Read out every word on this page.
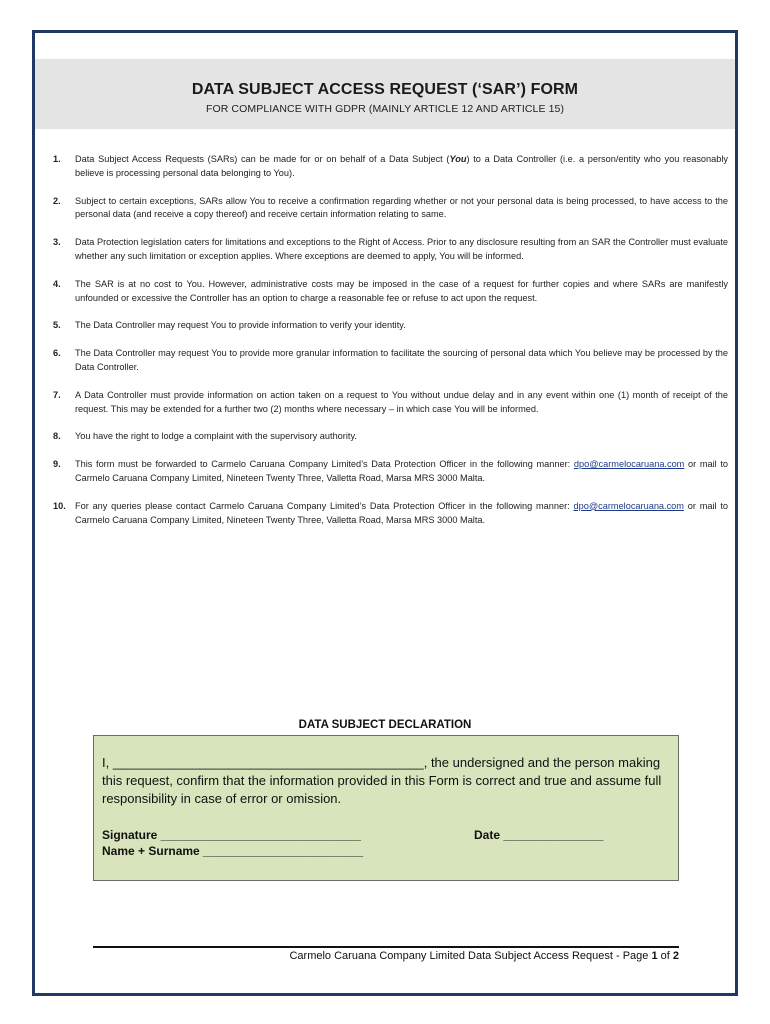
DATA SUBJECT ACCESS REQUEST (‘SAR’) FORM
FOR COMPLIANCE WITH GDPR (MAINLY ARTICLE 12 AND ARTICLE 15)
1.	Data Subject Access Requests (SARs) can be made for or on behalf of a Data Subject (You) to a Data Controller (i.e. a person/entity who you reasonably believe is processing personal data belonging to You).
2.	Subject to certain exceptions, SARs allow You to receive a confirmation regarding whether or not your personal data is being processed, to have access to the personal data (and receive a copy thereof) and receive certain information relating to same.
3.	Data Protection legislation caters for limitations and exceptions to the Right of Access. Prior to any disclosure resulting from an SAR the Controller must evaluate whether any such limitation or exception applies. Where exceptions are deemed to apply, You will be informed.
4.	The SAR is at no cost to You. However, administrative costs may be imposed in the case of a request for further copies and where SARs are manifestly unfounded or excessive the Controller has an option to charge a reasonable fee or refuse to act upon the request.
5.	The Data Controller may request You to provide information to verify your identity.
6.	The Data Controller may request You to provide more granular information to facilitate the sourcing of personal data which You believe may be processed by the Data Controller.
7.	A Data Controller must provide information on action taken on a request to You without undue delay and in any event within one (1) month of receipt of the request. This may be extended for a further two (2) months where necessary – in which case You will be informed.
8.	You have the right to lodge a complaint with the supervisory authority.
9.	This form must be forwarded to Carmelo Caruana Company Limited’s Data Protection Officer in the following manner: dpo@carmelocaruana.com or mail to Carmelo Caruana Company Limited, Nineteen Twenty Three, Valletta Road, Marsa MRS 3000 Malta.
10.	For any queries please contact Carmelo Caruana Company Limited’s Data Protection Officer in the following manner: dpo@carmelocaruana.com or mail to Carmelo Caruana Company Limited, Nineteen Twenty Three, Valletta Road, Marsa MRS 3000 Malta.
DATA SUBJECT DECLARATION
I, ___________________________________________, the undersigned and the person making this request, confirm that the information provided in this Form is correct and true and assume full responsibility in case of error or omission.
Signature ______________________________	Date _______________
Name + Surname ________________________
Carmelo Caruana Company Limited Data Subject Access Request - Page 1 of 2
